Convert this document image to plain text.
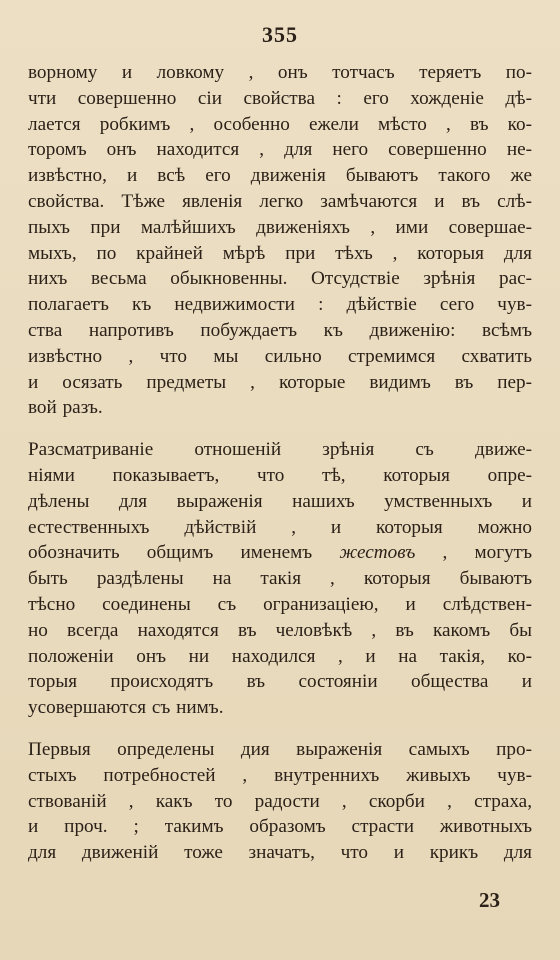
355

ворному и ловкому , онъ тотчасъ теряетъ по-
чти совершенно сіи свойства : его хожденіе дѣ-
лается робкимъ , особенно ежели мѣсто , въ ко-
торомъ онъ находится , для него совершенно не-
извѣстно, и всѣ его движенія бываютъ такого же
свойства. Тѣже явленія легко замѣчаются и въ слѣ-
пыхъ при малѣйшихъ движеніяхъ , ими совершае-
мыхъ, по крайней мѣрѣ при тѣхъ , которыя для
нихъ весьма обыкновенны. Отсудствіе зрѣнія рас-
полагаетъ къ недвижимости : дѣйствіе сего чув-
ства напротивъ побуждаетъ къ движенію: всѣмъ
извѣстно , что мы сильно стремимся схватить
и осязать предметы , которые видимъ въ пер-
вой разъ.

Разсматриваніе отношеній зрѣнія съ движе-
ніями показываетъ, что тѣ, которыя опре-
дѣлены для выраженія нашихъ умственныхъ и
естественныхъ дѣйствій , и которыя можно
обозначить общимъ именемъ жестовъ , могутъ
быть раздѣлены на такія , которыя бываютъ
тѣсно соединены съ огранизаціею, и слѣдствен-
но всегда находятся въ человѣкѣ , въ какомъ бы
положеніи онъ ни находился , и на такія, ко-
торыя происходятъ въ состояніи общества и
усовершаются съ нимъ.

Первыя определены дия выраженія самыхъ про-
стыхъ потребностей , внутреннихъ живыхъ чув-
ствованій , какъ то радости , скорби , страха,
и проч. ; такимъ образомъ страсти животныхъ
для движеній тоже значатъ, что и крикъ для

23
